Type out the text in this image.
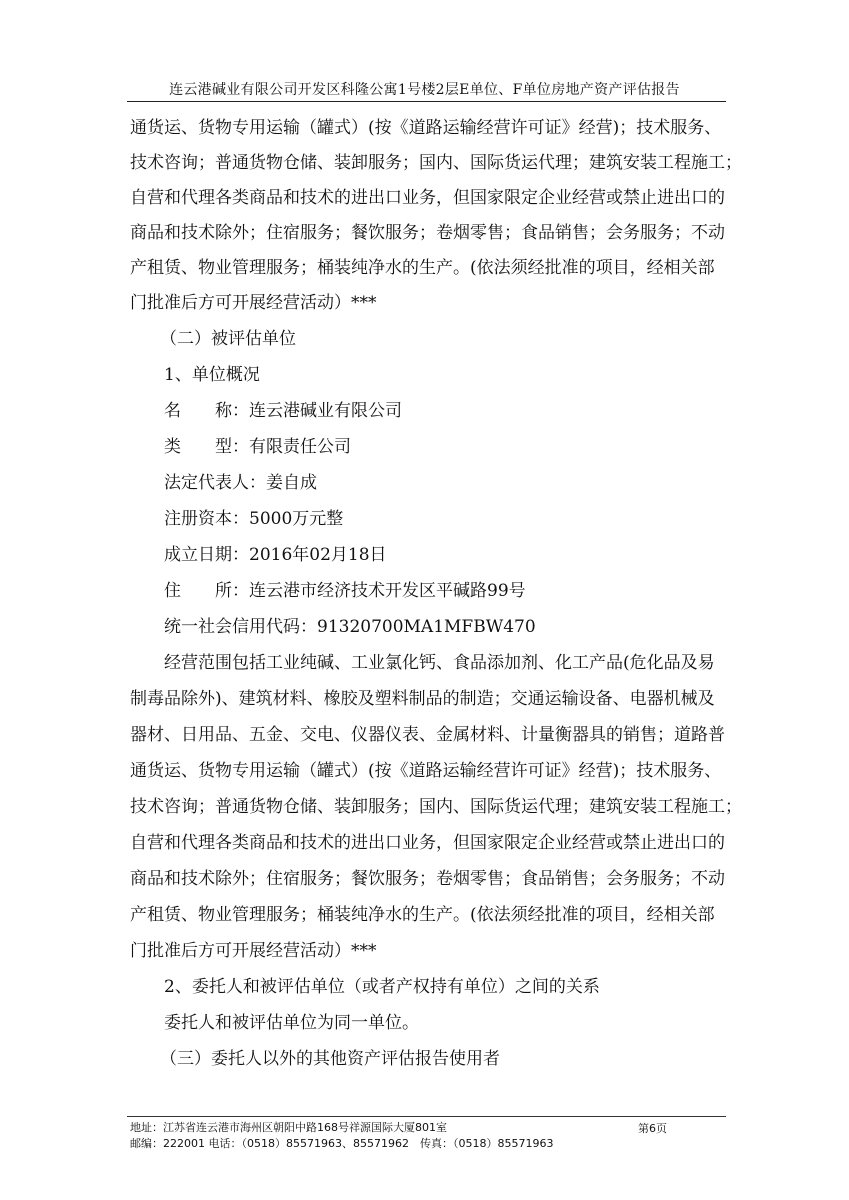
连云港碱业有限公司开发区科隆公寓1号楼2层E单位、F单位房地产资产评估报告
通货运、货物专用运输（罐式）(按《道路运输经营许可证》经营)；技术服务、
技术咨询；普通货物仓储、装卸服务；国内、国际货运代理；建筑安装工程施工；
自营和代理各类商品和技术的进出口业务，但国家限定企业经营或禁止进出口的
商品和技术除外；住宿服务；餐饮服务；卷烟零售；食品销售；会务服务；不动
产租赁、物业管理服务；桶装纯净水的生产。(依法须经批准的项目，经相关部
门批准后方可开展经营活动）***
（二）被评估单位
1、单位概况
名　　称：连云港碱业有限公司
类　　型：有限责任公司
法定代表人：姜自成
注册资本：5000万元整
成立日期：2016年02月18日
住　　所：连云港市经济技术开发区平碱路99号
统一社会信用代码：91320700MA1MFBW470
经营范围包括工业纯碱、工业氯化钙、食品添加剂、化工产品(危化品及易
制毒品除外)、建筑材料、橡胶及塑料制品的制造；交通运输设备、电器机械及
器材、日用品、五金、交电、仪器仪表、金属材料、计量衡器具的销售；道路普
通货运、货物专用运输（罐式）(按《道路运输经营许可证》经营)；技术服务、
技术咨询；普通货物仓储、装卸服务；国内、国际货运代理；建筑安装工程施工；
自营和代理各类商品和技术的进出口业务，但国家限定企业经营或禁止进出口的
商品和技术除外；住宿服务；餐饮服务；卷烟零售；食品销售；会务服务；不动
产租赁、物业管理服务；桶装纯净水的生产。(依法须经批准的项目，经相关部
门批准后方可开展经营活动）***
2、委托人和被评估单位（或者产权持有单位）之间的关系
委托人和被评估单位为同一单位。
（三）委托人以外的其他资产评估报告使用者
地址：江苏省连云港市海州区朝阳中路168号祥源国际大厦801室
邮编：222001 电话：（0518）85571963、85571962　传真：（0518）85571963
第6页
